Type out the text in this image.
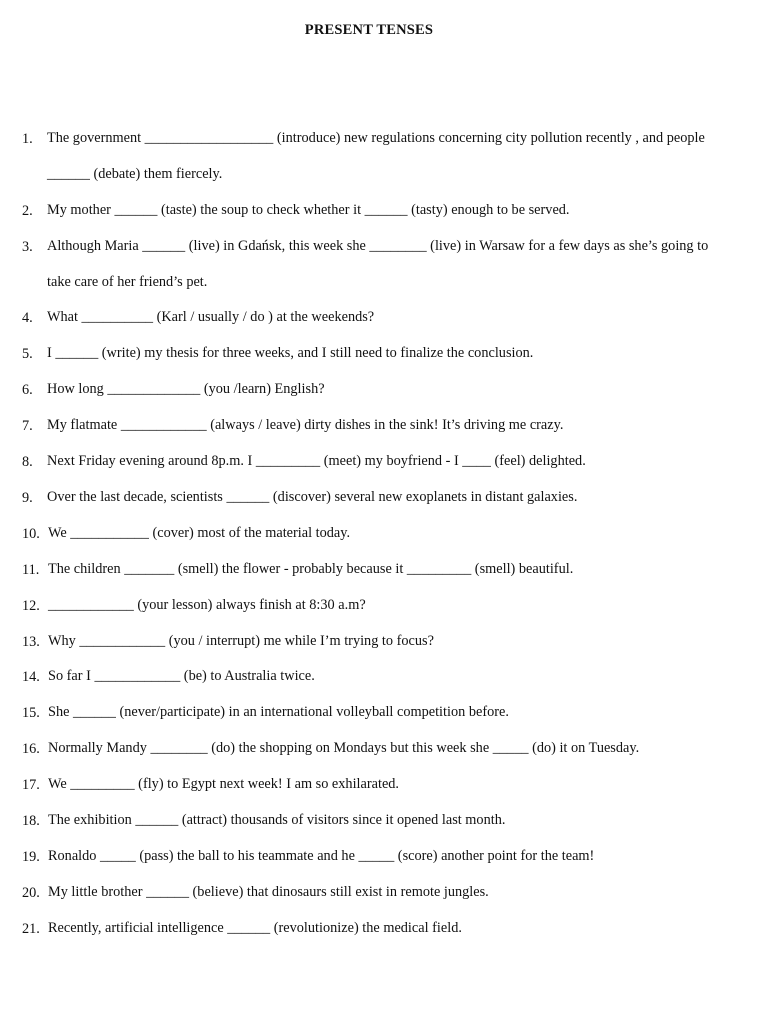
PRESENT TENSES
1. The government __________________ (introduce) new regulations concerning city pollution recently , and people ______ (debate) them fiercely.
2. My mother ______ (taste) the soup to check whether it ______ (tasty) enough to be served.
3. Although Maria ______ (live) in Gdańsk, this week she ________ (live) in Warsaw for a few days as she’s going to take care of her friend’s pet.
4. What __________ (Karl / usually / do ) at the weekends?
5. I ______ (write) my thesis for three weeks, and I still need to finalize the conclusion.
6. How long _____________ (you /learn) English?
7. My flatmate ____________ (always / leave) dirty dishes in the sink! It’s driving me crazy.
8. Next Friday evening around 8p.m. I _________ (meet) my boyfriend - I ____ (feel) delighted.
9. Over the last decade, scientists ______ (discover) several new exoplanets in distant galaxies.
10. We ___________ (cover) most of the material today.
11. The children _______ (smell) the flower - probably because it _________ (smell) beautiful.
12. ____________ (your lesson) always finish at 8:30 a.m?
13. Why ____________ (you / interrupt) me while I’m trying to focus?
14. So far I ____________ (be) to Australia twice.
15. She ______ (never/participate) in an international volleyball competition before.
16. Normally Mandy ________ (do) the shopping on Mondays but this week she _____ (do) it on Tuesday.
17. We _________ (fly) to Egypt next week! I am so exhilarated.
18. The exhibition ______ (attract) thousands of visitors since it opened last month.
19. Ronaldo _____ (pass) the ball to his teammate and he _____ (score) another point for the team!
20. My little brother ______ (believe) that dinosaurs still exist in remote jungles.
21. Recently, artificial intelligence ______ (revolutionize) the medical field.
